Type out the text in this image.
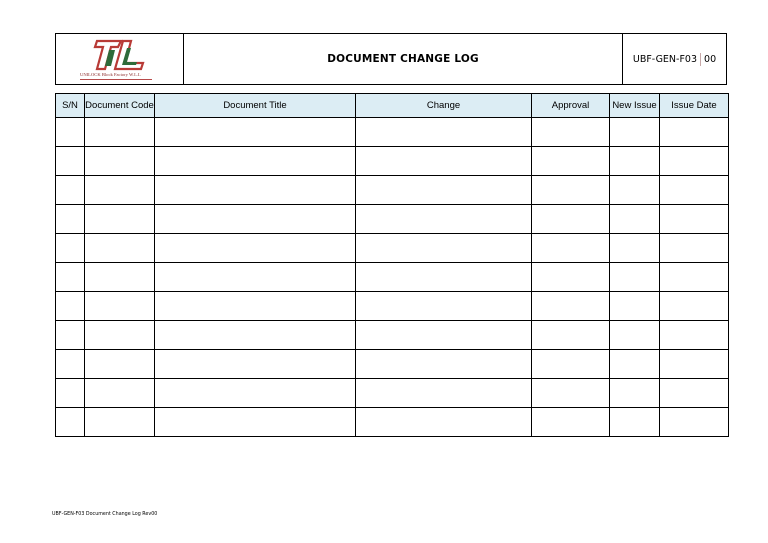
UNILOCK Block Factory W.L.L
DOCUMENT CHANGE LOG	UBF-GEN-F03 00
S/N	Document Code	Document Title	Change	Approval	New Issue	Issue Date

UBF-GEN-F03 Document Change Log Rev00
